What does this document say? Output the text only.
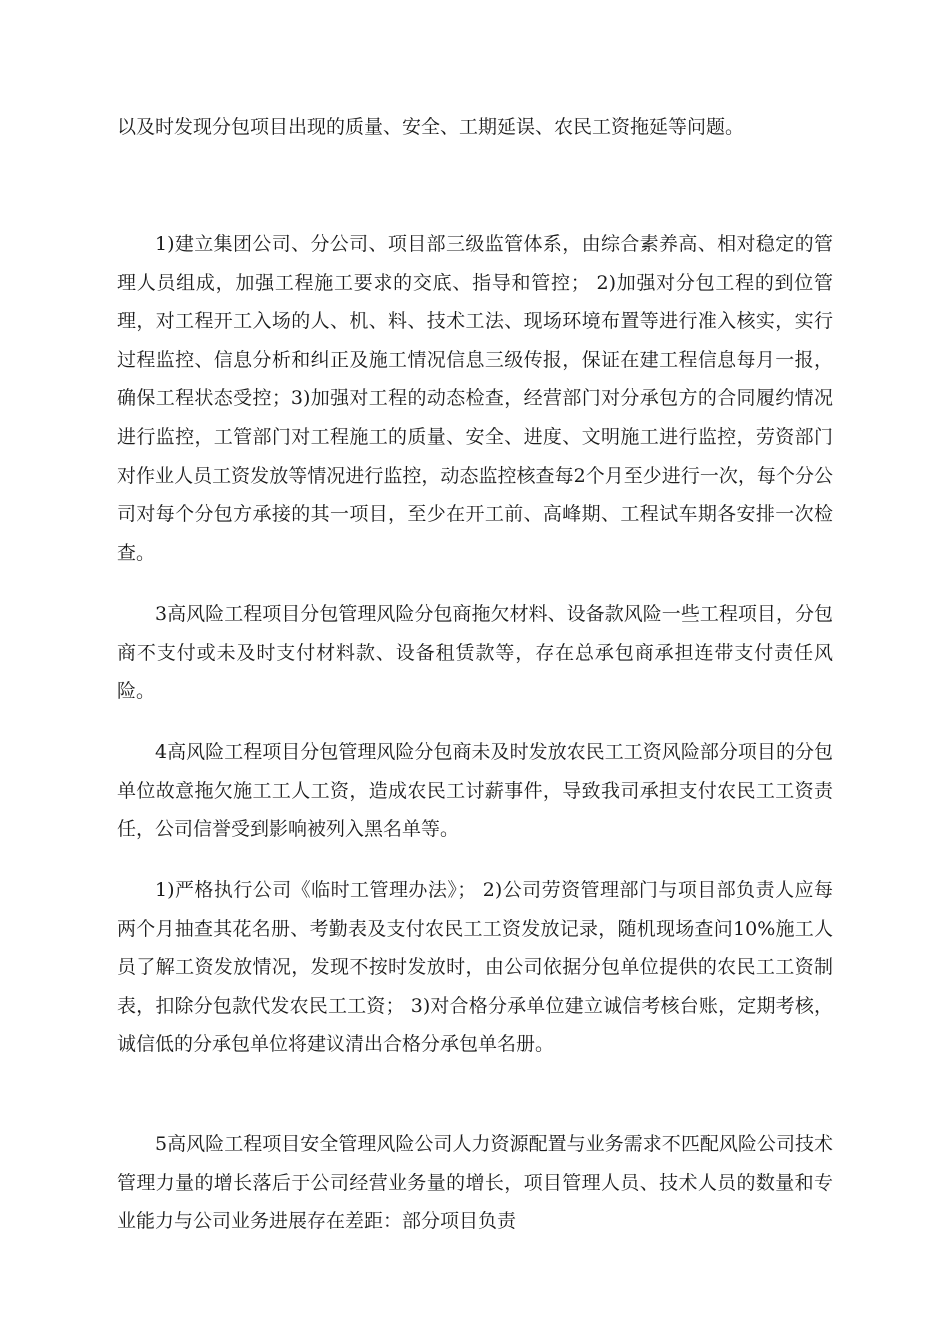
以及时发现分包项目出现的质量、安全、工期延误、农民工资拖延等问题。

1)建立集团公司、分公司、项目部三级监管体系，由综合素养高、相对稳定的管理人员组成，加强工程施工要求的交底、指导和管控； 2)加强对分包工程的到位管理，对工程开工入场的人、机、料、技术工法、现场环境布置等进行准入核实，实行过程监控、信息分析和纠正及施工情况信息三级传报，保证在建工程信息每月一报，确保工程状态受控；3)加强对工程的动态检查，经营部门对分承包方的合同履约情况进行监控，工管部门对工程施工的质量、安全、进度、文明施工进行监控，劳资部门对作业人员工资发放等情况进行监控，动态监控核查每2个月至少进行一次，每个分公司对每个分包方承接的其一项目，至少在开工前、高峰期、工程试车期各安排一次检查。

3高风险工程项目分包管理风险分包商拖欠材料、设备款风险一些工程项目，分包商不支付或未及时支付材料款、设备租赁款等，存在总承包商承担连带支付责任风险。

4高风险工程项目分包管理风险分包商未及时发放农民工工资风险部分项目的分包单位故意拖欠施工工人工资，造成农民工讨薪事件，导致我司承担支付农民工工资责任，公司信誉受到影响被列入黑名单等。

1)严格执行公司《临时工管理办法》； 2)公司劳资管理部门与项目部负责人应每两个月抽查其花名册、考勤表及支付农民工工资发放记录，随机现场查问10%施工人员了解工资发放情况，发现不按时发放时，由公司依据分包单位提供的农民工工资制表，扣除分包款代发农民工工资； 3)对合格分承单位建立诚信考核台账，定期考核，诚信低的分承包单位将建议清出合格分承包单名册。

5高风险工程项目安全管理风险公司人力资源配置与业务需求不匹配风险公司技术管理力量的增长落后于公司经营业务量的增长，项目管理人员、技术人员的数量和专业能力与公司业务进展存在差距：部分项目负责
